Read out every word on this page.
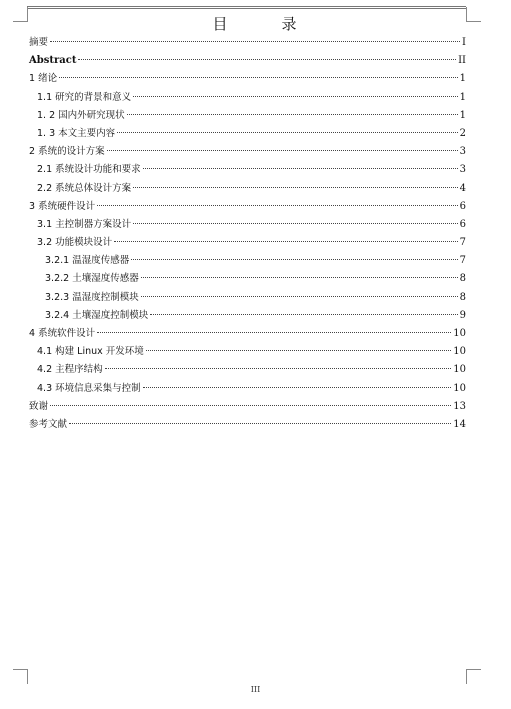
目	录
摘要	I
Abstract	II
1 绪论	1
1.1 研究的背景和意义	1
1. 2 国内外研究现状	1
1. 3 本文主要内容	2
2 系统的设计方案	3
2.1 系统设计功能和要求	3
2.2 系统总体设计方案	4
3 系统硬件设计	6
3.1 主控制器方案设计	6
3.2 功能模块设计	7
3.2.1 温湿度传感器	7
3.2.2 土壤湿度传感器	8
3.2.3 温湿度控制模块	8
3.2.4 土壤湿度控制模块	9
4 系统软件设计	10
4.1 构建 Linux 开发环境	10
4.2 主程序结构	10
4.3 环境信息采集与控制	10
致谢	13
参考文献	14
III
